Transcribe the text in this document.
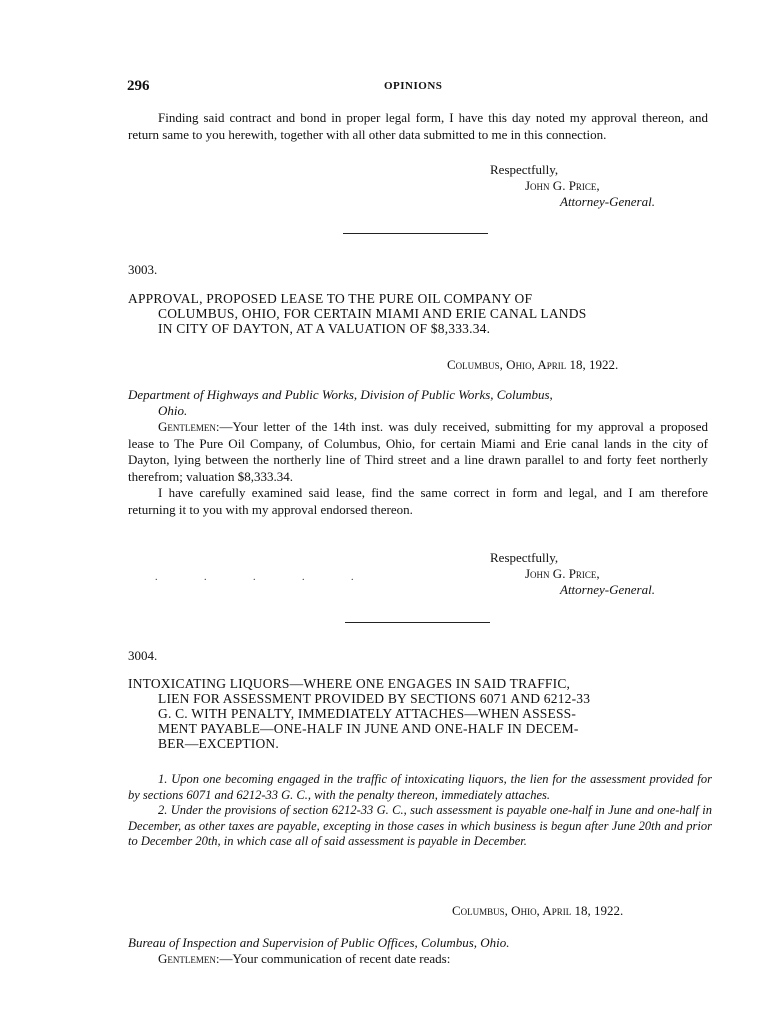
296	OPINIONS

Finding said contract and bond in proper legal form, I have this day noted my approval thereon, and return same to you herewith, together with all other data submitted to me in this connection.

Respectfully,
John G. Price,
Attorney-General.
3003.
APPROVAL, PROPOSED LEASE TO THE PURE OIL COMPANY OF
COLUMBUS, OHIO, FOR CERTAIN MIAMI AND ERIE CANAL LANDS
IN CITY OF DAYTON, AT A VALUATION OF $8,333.34.
Columbus, Ohio, April 18, 1922.
Department of Highways and Public Works, Division of Public Works, Columbus,
Ohio.

Gentlemen:—Your letter of the 14th inst. was duly received, submitting for my approval a proposed lease to The Pure Oil Company, of Columbus, Ohio, for certain Miami and Erie canal lands in the city of Dayton, lying between the northerly line of Third street and a line drawn parallel to and forty feet northerly therefrom; valuation $8,333.34.

I have carefully examined said lease, find the same correct in form and legal, and I am therefore returning it to you with my approval endorsed thereon.

Respectfully,
John G. Price,
Attorney-General.
. . . . .
3004.
INTOXICATING LIQUORS—WHERE ONE ENGAGES IN SAID TRAFFIC,
LIEN FOR ASSESSMENT PROVIDED BY SECTIONS 6071 AND 6212-33
G. C. WITH PENALTY, IMMEDIATELY ATTACHES—WHEN ASSESS-
MENT PAYABLE—ONE-HALF IN JUNE AND ONE-HALF IN DECEM-
BER—EXCEPTION.

1. Upon one becoming engaged in the traffic of intoxicating liquors, the lien for the assessment provided for by sections 6071 and 6212-33 G. C., with the penalty thereon, immediately attaches.

2. Under the provisions of section 6212-33 G. C., such assessment is payable one-half in June and one-half in December, as other taxes are payable, excepting in those cases in which business is begun after June 20th and prior to December 20th, in which case all of said assessment is payable in December.

Columbus, Ohio, April 18, 1922.
Bureau of Inspection and Supervision of Public Offices, Columbus, Ohio.

Gentlemen:—Your communication of recent date reads:
